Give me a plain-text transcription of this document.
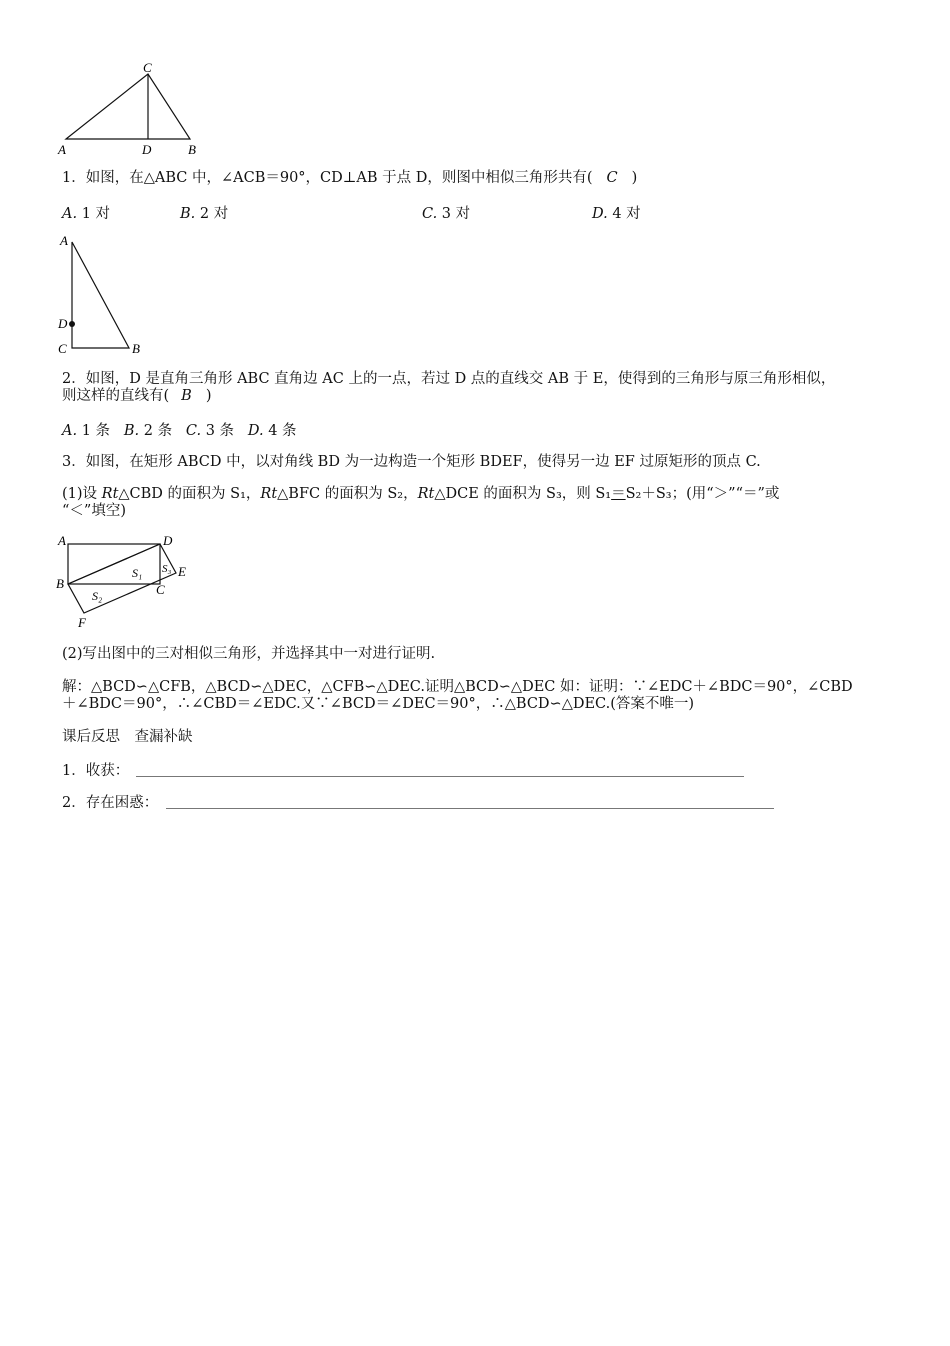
C
A	D	B
1．如图，在△ABC 中，∠ACB＝90°，CD⊥AB 于点 D，则图中相似三角形共有( C )
A. 1 对	B. 2 对	C. 3 对	D. 4 对
A
D
C	B
2．如图，D 是直角三角形 ABC 直角边 AC 上的一点，若过 D 点的直线交 AB 于 E，使得到的三角形与原三角形相似，
则这样的直线有( B )
A. 1 条 B. 2 条 C. 3 条 D. 4 条
3．如图，在矩形 ABCD 中，以对角线 BD 为一边构造一个矩形 BDEF，使得另一边 EF 过原矩形的顶点 C.
(1)设 Rt△CBD 的面积为 S₁，Rt△BFC 的面积为 S₂，Rt△DCE 的面积为 S₃，则 S₁＝S₂＋S₃；(用“＞”“＝”或
“＜”填空)
A	D
B	C
E
F
S₁
S₂
S₃
(2)写出图中的三对相似三角形，并选择其中一对进行证明.
解：△BCD∽△CFB，△BCD∽△DEC，△CFB∽△DEC.证明△BCD∽△DEC 如：证明：∵∠EDC＋∠BDC＝90°，∠CBD
＋∠BDC＝90°，∴∠CBD＝∠EDC.又∵∠BCD＝∠DEC＝90°，∴△BCD∽△DEC.(答案不唯一)
课后反思　查漏补缺
1．收获：
2．存在困惑：
